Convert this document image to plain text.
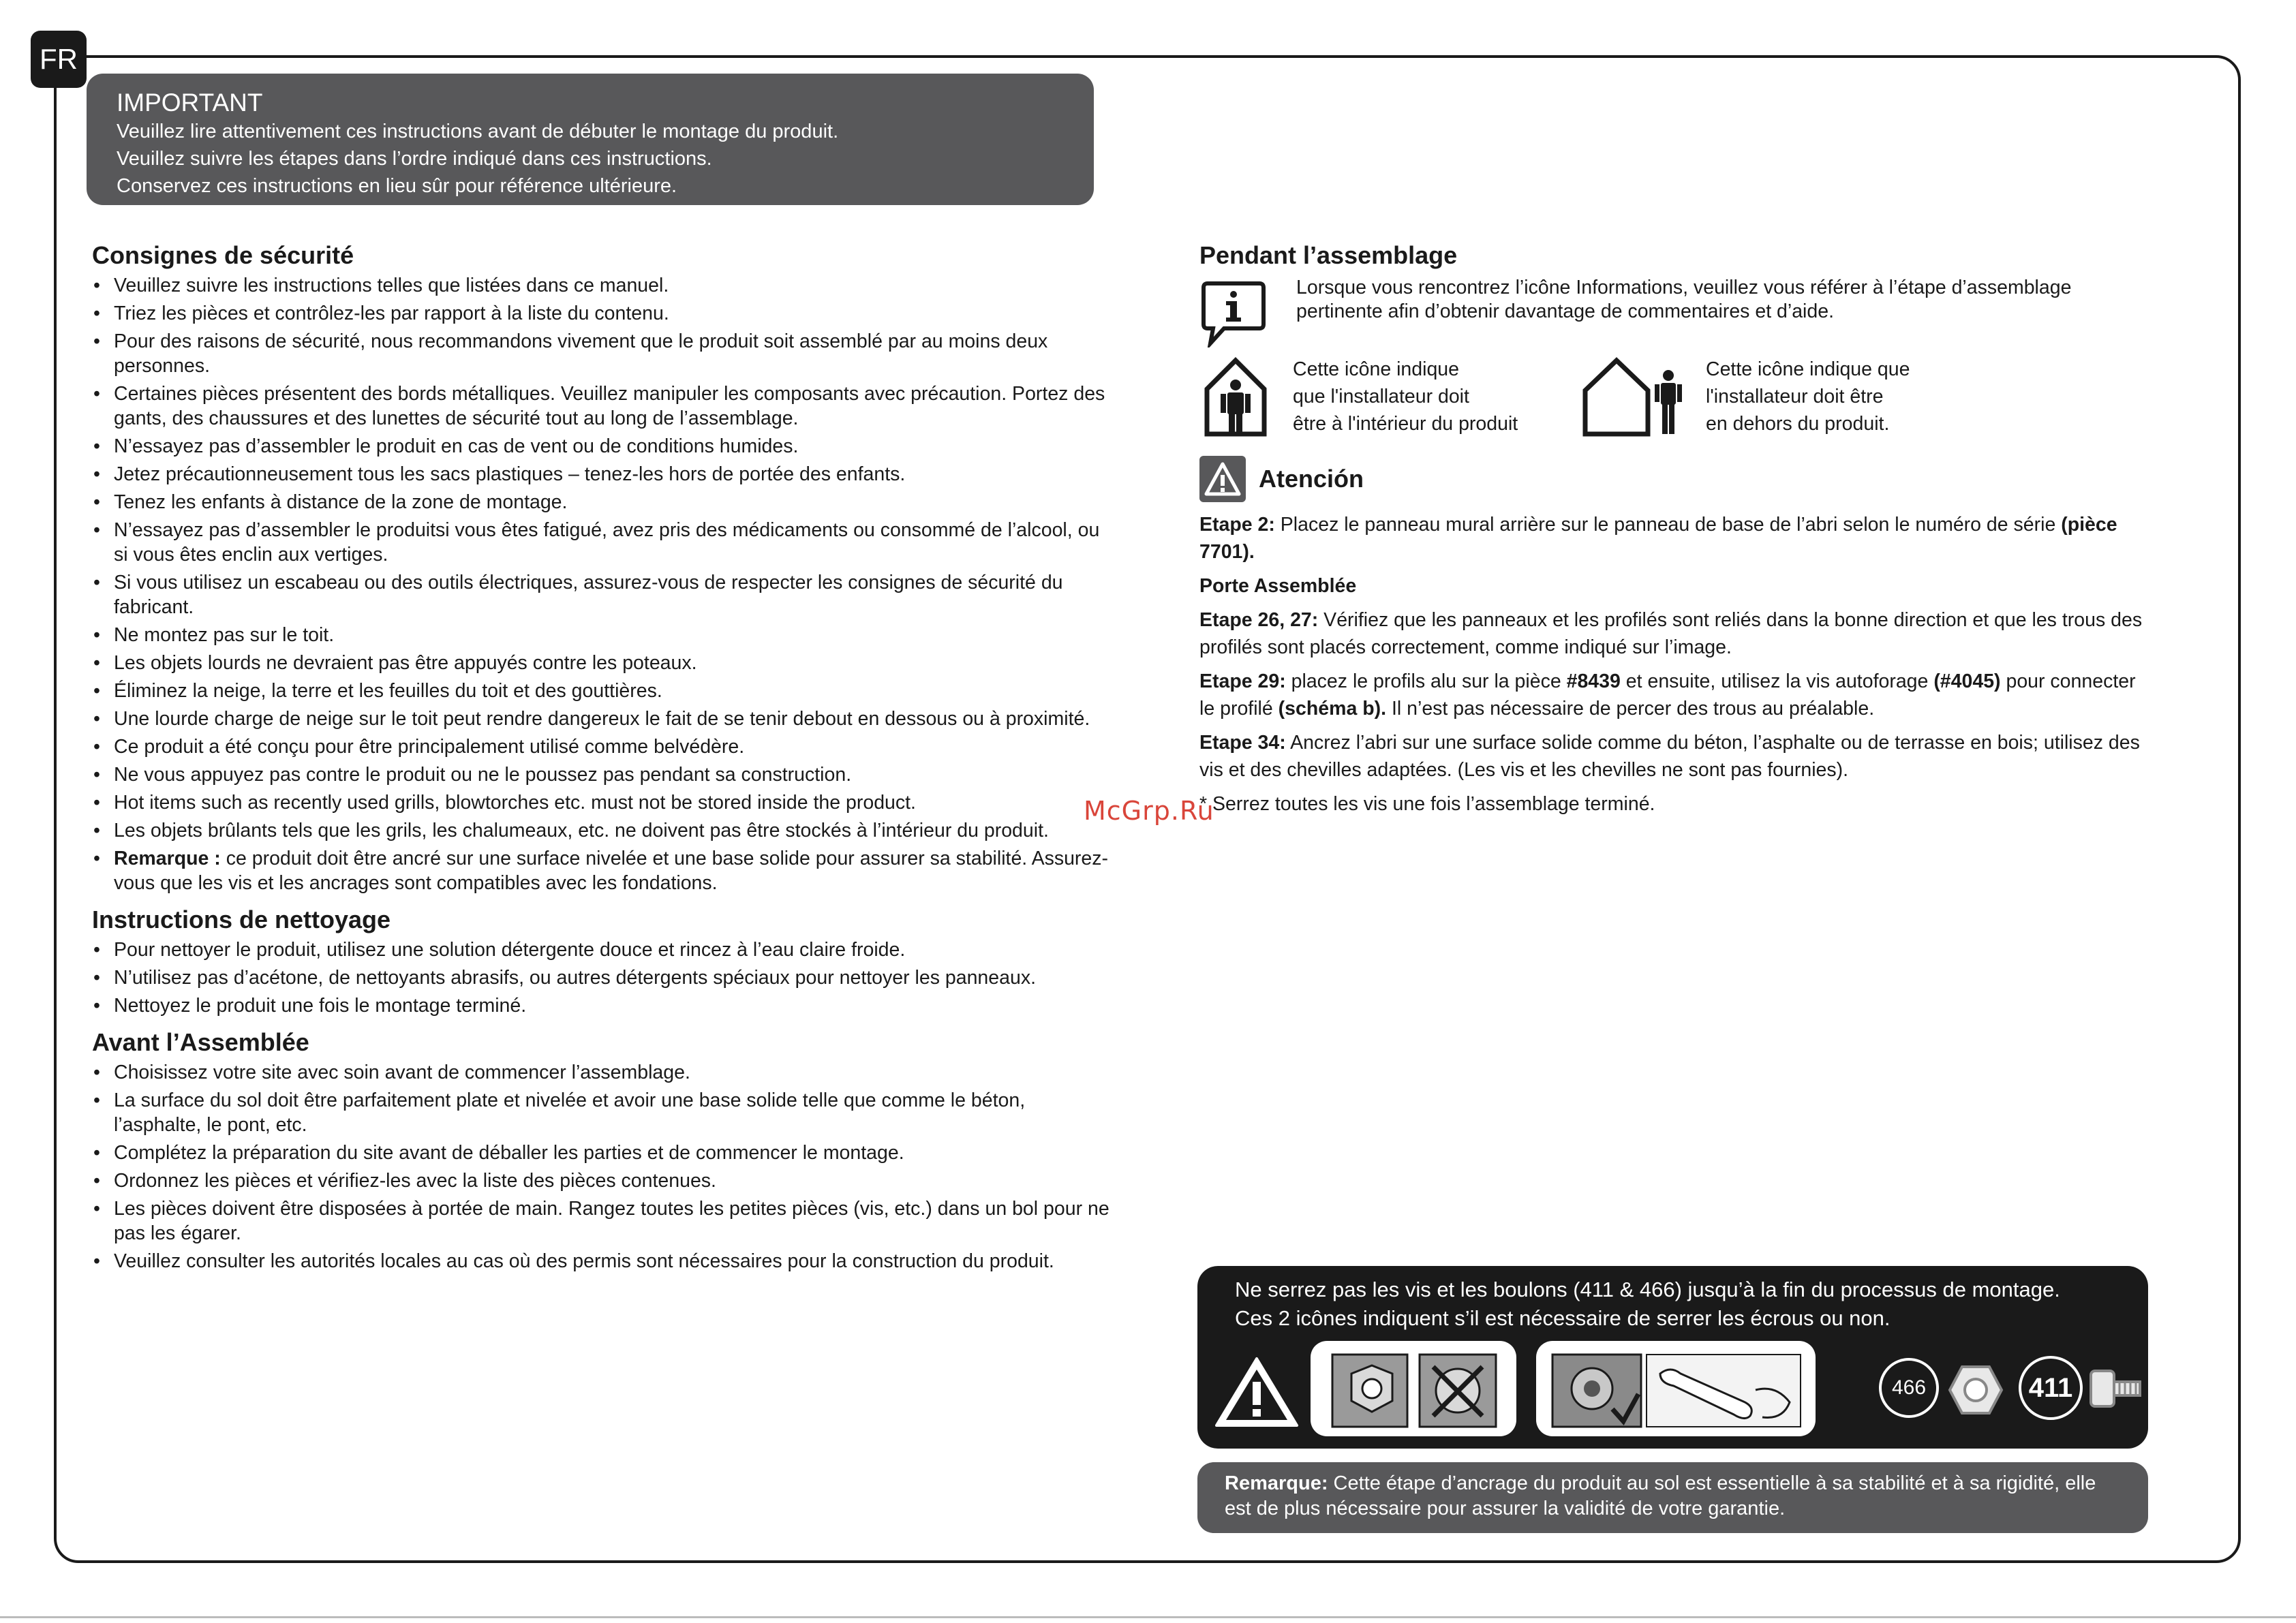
FR
IMPORTANT
Veuillez lire attentivement ces instructions avant de débuter le montage du produit.
Veuillez suivre les étapes dans l’ordre indiqué dans ces instructions.
Conservez ces instructions en lieu sûr pour référence ultérieure.
Consignes de sécurité
• Veuillez suivre les instructions telles que listées dans ce manuel.
• Triez les pièces et contrôlez-les par rapport à la liste du contenu.
• Pour des raisons de sécurité, nous recommandons vivement que le produit soit assemblé par au moins deux personnes.
• Certaines pièces présentent des bords métalliques. Veuillez manipuler les composants avec précaution. Portez des gants, des chaussures et des lunettes de sécurité tout au long de l’assemblage.
• N’essayez pas d’assembler le produit en cas de vent ou de conditions humides.
• Jetez précautionneusement tous les sacs plastiques – tenez-les hors de portée des enfants.
• Tenez les enfants à distance de la zone de montage.
• N’essayez pas d’assembler le produitsi vous êtes fatigué, avez pris des médicaments ou consommé de l’alcool, ou si vous êtes enclin aux vertiges.
• Si vous utilisez un escabeau ou des outils électriques, assurez-vous de respecter les consignes de sécurité du fabricant.
• Ne montez pas sur le toit.
• Les objets lourds ne devraient pas être appuyés contre les poteaux.
• Éliminez la neige, la terre et les feuilles du toit et des gouttières.
• Une lourde charge de neige sur le toit peut rendre dangereux le fait de se tenir debout en dessous ou à proximité.
• Ce produit a été conçu pour être principalement utilisé comme belvédère.
• Ne vous appuyez pas contre le produit ou ne le poussez pas pendant sa construction.
• Hot items such as recently used grills, blowtorches etc. must not be stored inside the product.
• Les objets brûlants tels que les grils, les chalumeaux, etc. ne doivent pas être stockés à l’intérieur du produit.
• Remarque : ce produit doit être ancré sur une surface nivelée et une base solide pour assurer sa stabilité. Assurez-vous que les vis et les ancrages sont compatibles avec les fondations.
Instructions de nettoyage
• Pour nettoyer le produit, utilisez une solution détergente douce et rincez à l’eau claire froide.
• N’utilisez pas d’acétone, de nettoyants abrasifs, ou autres détergents spéciaux pour nettoyer les panneaux.
• Nettoyez le produit une fois le montage terminé.
Avant l’Assemblée
• Choisissez votre site avec soin avant de commencer l’assemblage.
• La surface du sol doit être parfaitement plate et nivelée et avoir une base solide telle que comme le béton, l’asphalte, le pont, etc.
• Complétez la préparation du site avant de déballer les parties et de commencer le montage.
• Ordonnez les pièces et vérifiez-les avec la liste des pièces contenues.
• Les pièces doivent être disposées à portée de main. Rangez toutes les petites pièces (vis, etc.) dans un bol pour ne pas les égarer.
• Veuillez consulter les autorités locales au cas où des permis sont nécessaires pour la construction du produit.
Pendant l’assemblage
Lorsque vous rencontrez l’icône Informations, veuillez vous référer à l’étape d’assemblage pertinente afin d’obtenir davantage de commentaires et d’aide.
Cette icône indique
que l'installateur doit
être à l'intérieur du produit
Cette icône indique que
l'installateur doit être
en dehors du produit.
Atención

Etape 2: Placez le panneau mural arrière sur le panneau de base de l’abri selon le numéro de série (pièce 7701).

Porte Assemblée

Etape 26, 27: Vérifiez que les panneaux et les profilés sont reliés dans la bonne direction et que les trous des profilés sont placés correctement, comme indiqué sur l’image.

Etape 29: placez le profils alu sur la pièce #8439 et ensuite, utilisez la vis autoforage (#4045) pour connecter le profilé (schéma b). Il n’est pas nécessaire de percer des trous au préalable.

Etape 34: Ancrez l’abri sur une surface solide comme du béton, l’asphalte ou de terrasse en bois; utilisez des vis et des chevilles adaptées. (Les vis et les chevilles ne sont pas fournies).

* Serrez toutes les vis une fois l’assemblage terminé.

McGrp.Ru
Ne serrez pas les vis et les boulons (411 & 466) jusqu’à la fin du processus de montage.
Ces 2 icônes indiquent s’il est nécessaire de serrer les écrous ou non.
466	411
Remarque: Cette étape d’ancrage du produit au sol est essentielle à sa stabilité et à sa rigidité, elle est de plus nécessaire pour assurer la validité de votre garantie.
